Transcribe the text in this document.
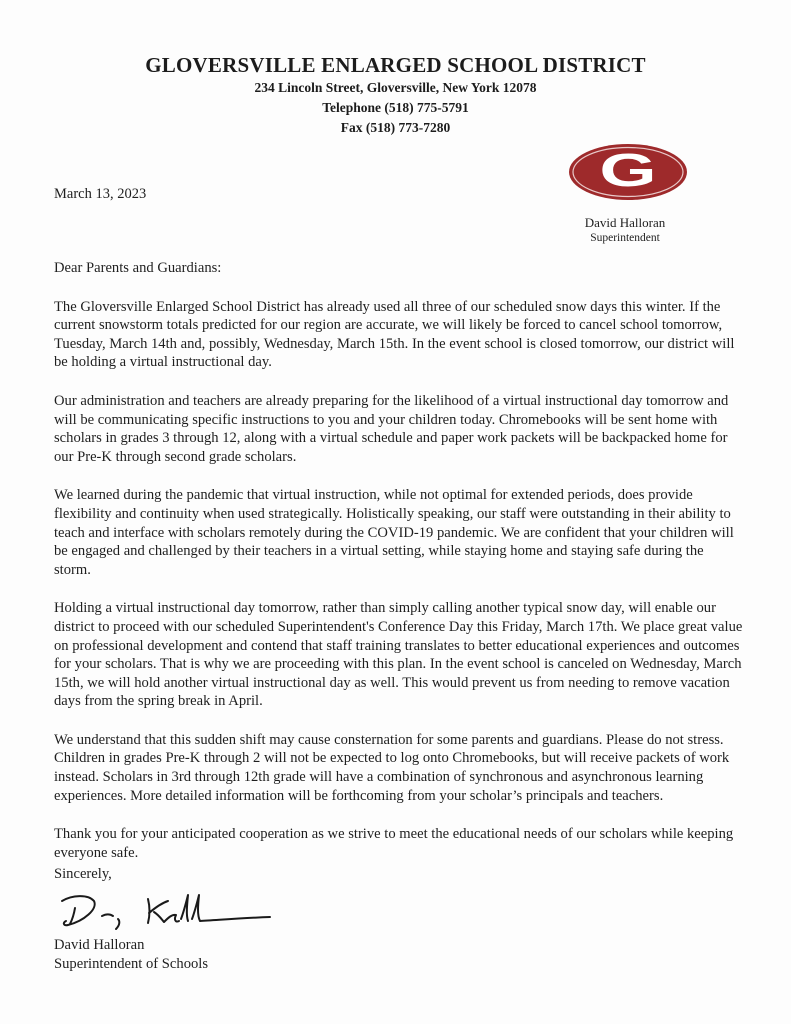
GLOVERSVILLE ENLARGED SCHOOL DISTRICT
234 Lincoln Street, Gloversville, New York 12078
Telephone (518) 775-5791
Fax (518) 773-7280
G
David Halloran
Superintendent
March 13, 2023

Dear Parents and Guardians:

The Gloversville Enlarged School District has already used all three of our scheduled snow days this winter. If the current snowstorm totals predicted for our region are accurate, we will likely be forced to cancel school tomorrow, Tuesday, March 14th and, possibly, Wednesday, March 15th. In the event school is closed tomorrow, our district will be holding a virtual instructional day.

Our administration and teachers are already preparing for the likelihood of a virtual instructional day tomorrow and will be communicating specific instructions to you and your children today. Chromebooks will be sent home with scholars in grades 3 through 12, along with a virtual schedule and paper work packets will be backpacked home for our Pre-K through second grade scholars.

We learned during the pandemic that virtual instruction, while not optimal for extended periods, does provide flexibility and continuity when used strategically. Holistically speaking, our staff were outstanding in their ability to teach and interface with scholars remotely during the COVID-19 pandemic. We are confident that your children will be engaged and challenged by their teachers in a virtual setting, while staying home and staying safe during the storm.

Holding a virtual instructional day tomorrow, rather than simply calling another typical snow day, will enable our district to proceed with our scheduled Superintendent's Conference Day this Friday, March 17th. We place great value on professional development and contend that staff training translates to better educational experiences and outcomes for your scholars. That is why we are proceeding with this plan. In the event school is canceled on Wednesday, March 15th, we will hold another virtual instructional day as well. This would prevent us from needing to remove vacation days from the spring break in April.

We understand that this sudden shift may cause consternation for some parents and guardians. Please do not stress. Children in grades Pre-K through 2 will not be expected to log onto Chromebooks, but will receive packets of work instead. Scholars in 3rd through 12th grade will have a combination of synchronous and asynchronous learning experiences. More detailed information will be forthcoming from your scholar’s principals and teachers.

Thank you for your anticipated cooperation as we strive to meet the educational needs of our scholars while keeping everyone safe.

Sincerely,
David Halloran
Superintendent of Schools
